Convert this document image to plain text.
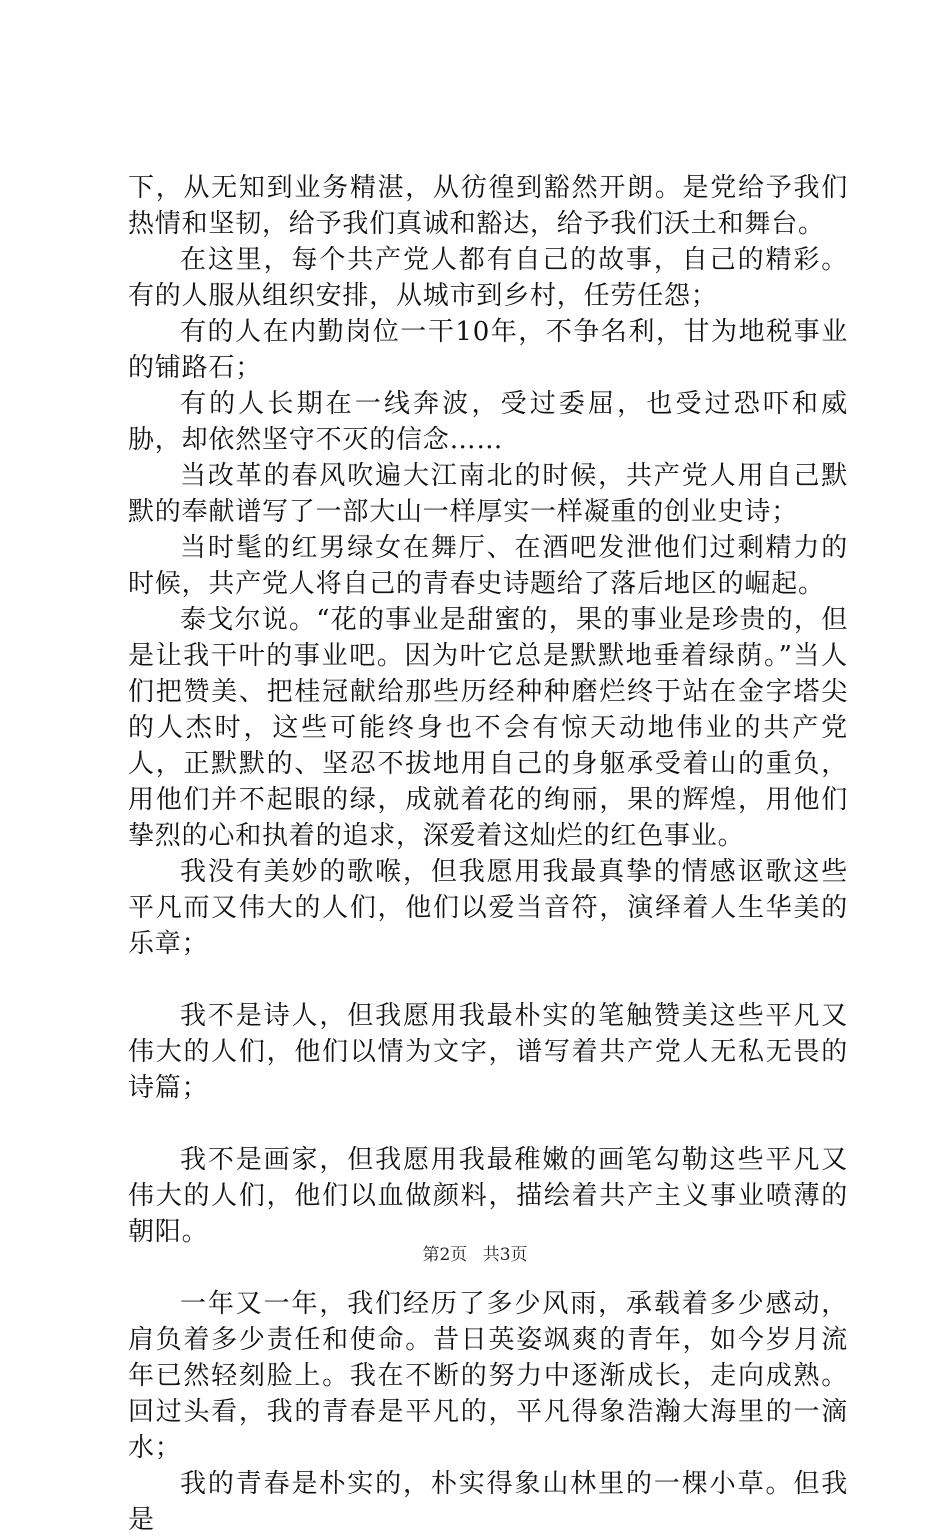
下，从无知到业务精湛，从彷徨到豁然开朗。是党给予我们热情和坚韧，给予我们真诚和豁达，给予我们沃土和舞台。

在这里，每个共产党人都有自己的故事，自己的精彩。有的人服从组织安排，从城市到乡村，任劳任怨；

有的人在内勤岗位一干10年，不争名利，甘为地税事业的铺路石；

有的人长期在一线奔波，受过委屈，也受过恐吓和威胁，却依然坚守不灭的信念……

当改革的春风吹遍大江南北的时候，共产党人用自己默默的奉献谱写了一部大山一样厚实一样凝重的创业史诗；

当时髦的红男绿女在舞厅、在酒吧发泄他们过剩精力的时候，共产党人将自己的青春史诗题给了落后地区的崛起。

泰戈尔说。“花的事业是甜蜜的，果的事业是珍贵的，但是让我干叶的事业吧。因为叶它总是默默地垂着绿荫。”当人们把赞美、把桂冠献给那些历经种种磨烂终于站在金字塔尖的人杰时，这些可能终身也不会有惊天动地伟业的共产党人，正默默的、坚忍不拔地用自己的身躯承受着山的重负，用他们并不起眼的绿，成就着花的绚丽，果的辉煌，用他们挚烈的心和执着的追求，深爱着这灿烂的红色事业。

我没有美妙的歌喉，但我愿用我最真挚的情感讴歌这些平凡而又伟大的人们，他们以爱当音符，演绎着人生华美的乐章；

我不是诗人，但我愿用我最朴实的笔触赞美这些平凡又伟大的人们，他们以情为文字，谱写着共产党人无私无畏的诗篇；

我不是画家，但我愿用我最稚嫩的画笔勾勒这些平凡又伟大的人们，他们以血做颜料，描绘着共产主义事业喷薄的朝阳。

一年又一年，我们经历了多少风雨，承载着多少感动，肩负着多少责任和使命。昔日英姿飒爽的青年，如今岁月流年已然轻刻脸上。我在不断的努力中逐渐成长，走向成熟。回过头看，我的青春是平凡的，平凡得象浩瀚大海里的一滴水；

我的青春是朴实的，朴实得象山林里的一棵小草。但我是

第2页 共3页
